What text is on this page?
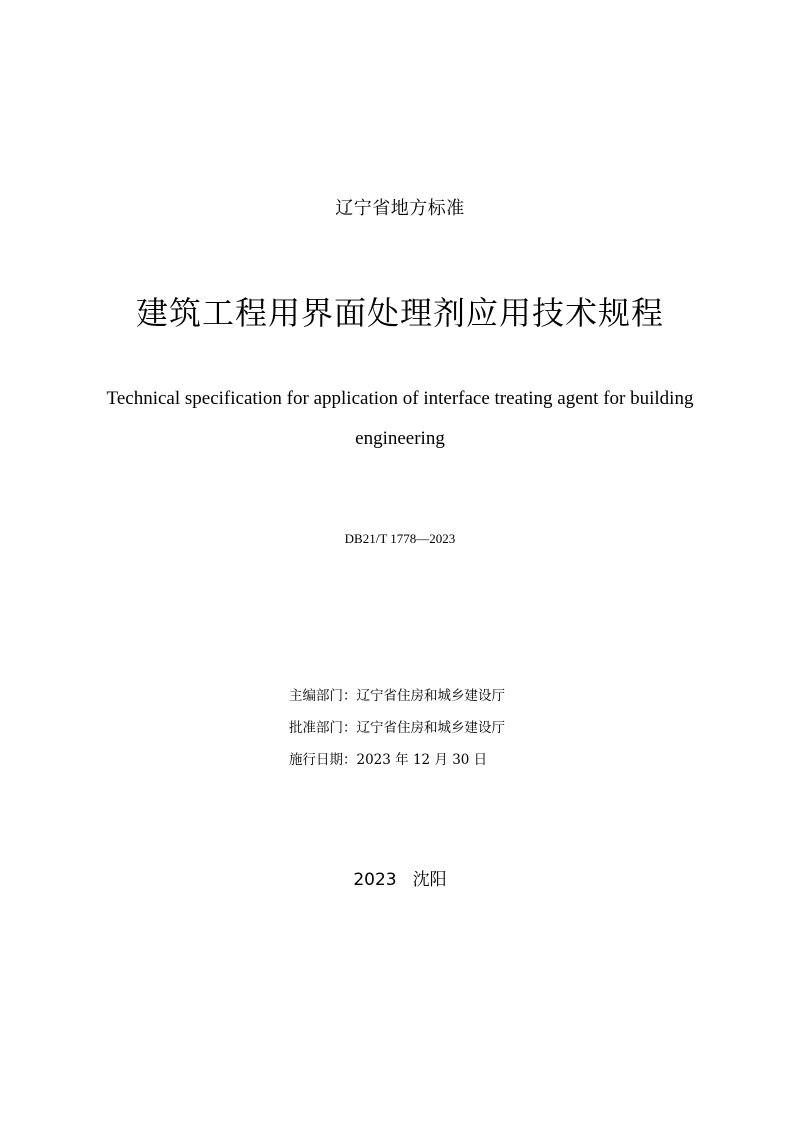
辽宁省地方标准
建筑工程用界面处理剂应用技术规程
Technical specification for application of interface treating agent for building
engineering
DB21/T 1778—2023
主编部门：辽宁省住房和城乡建设厅
批准部门：辽宁省住房和城乡建设厅
施行日期：2023 年 12 月 30 日
2023 沈阳
